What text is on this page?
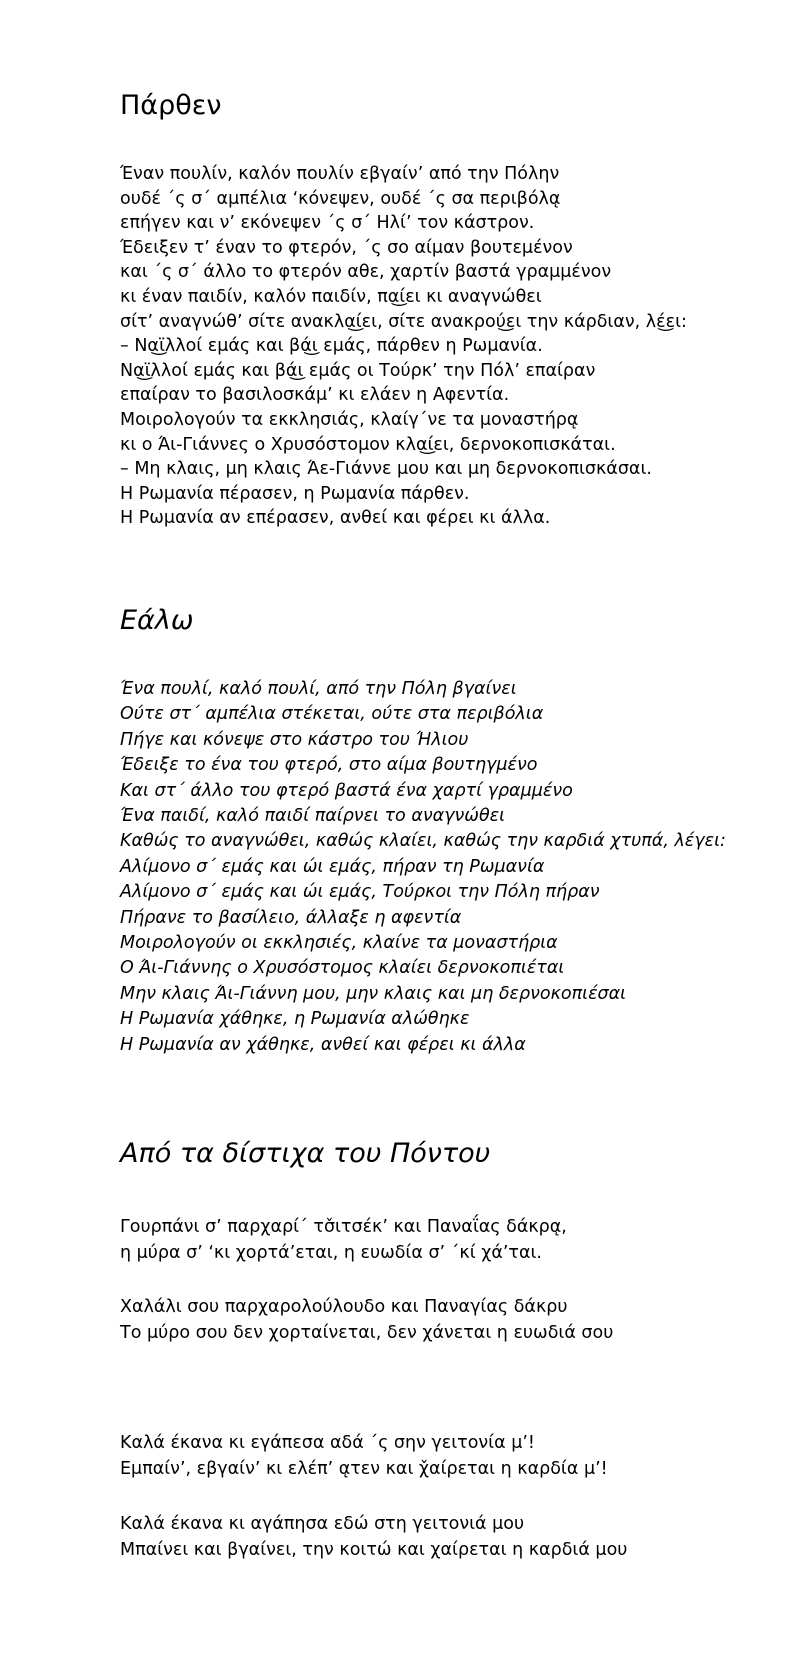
Πάρθεν
Έναν πουλίν, καλόν πουλίν εβγαίν’ από την Πόλην
ουδέ ΄ς σ΄ αμπέλια ‘κόνεψεν, ουδέ ΄ς σα περιβόλα̨
επήγεν και ν’ εκόνεψεν ΄ς σ΄ Ηλί’ τον κάστρον.
Έδειξεν τ’ έναν το φτερόν, ΄ς σο αίμαν βουτεμένον
και ΄ς σ΄ άλλο το φτερόν αθε, χαρτίν βαστά γραμμένον
κι έναν παιδίν, καλόν παιδίν, πα͜ίει κι αναγνώθει
σίτ’ αναγνώθ’ σίτε ανακλα͜ίει, σίτε ανακρού͜ει την κάρδιαν, λέ͜ει:
– Να͜ϊλλοί εμάς και βά͜ι εμάς, πάρθεν η Ρωμανία.
Να͜ϊλλοί εμάς και βά͜ι εμάς οι Τούρκ’ την Πόλ’ επαίραν
επαίραν το βασιλοσκάμ’ κι ελάεν η Αφεντία.
Μοιρολογούν τα εκκλησιάς, κλαίγ΄νε τα μοναστήρα̨
κι ο Άι-Γιάννες ο Χρυσόστομον κλα͜ίει, δερνοκοπισκάται.
– Μη κλαις, μη κλαις Άε-Γιάννε μου και μη δερνοκοπισκάσαι.
Η Ρωμανία πέρασεν, η Ρωμανία πάρθεν.
Η Ρωμανία αν επέρασεν, ανθεί και φέρει κι άλλα.
Εάλω
Ένα πουλί, καλό πουλί, από την Πόλη βγαίνει
Ούτε στ΄ αμπέλια στέκεται, ούτε στα περιβόλια
Πήγε και κόνεψε στο κάστρο του Ήλιου
Έδειξε το ένα του φτερό, στο αίμα βουτηγμένο
Και στ΄ άλλο του φτερό βαστά ένα χαρτί γραμμένο
Ένα παιδί, καλό παιδί παίρνει το αναγνώθει
Καθώς το αναγνώθει, καθώς κλαίει, καθώς την καρδιά χτυπά, λέγει:
Αλίμονο σ΄ εμάς και ώι εμάς, πήραν τη Ρωμανία
Αλίμονο σ΄ εμάς και ώι εμάς, Τούρκοι την Πόλη πήραν
Πήρανε το βασίλειο, άλλαξε η αφεντία
Μοιρολογούν οι εκκλησιές, κλαίνε τα μοναστήρια
Ο Άι-Γιάννης ο Χρυσόστομος κλαίει δερνοκοπιέται
Μην κλαις Άι-Γιάννη μου, μην κλαις και μη δερνοκοπιέσαι
Η Ρωμανία χάθηκε, η Ρωμανία αλώθηκε
Η Ρωμανία αν χάθηκε, ανθεί και φέρει κι άλλα
Από τα δίστιχα του Πόντου
Γουρπάνι σ’ παρχαρί΄ τσ̌ιτσέκ’ και Παναΐας δάκρα̨,
η μύρα σ’ ‘κι χορτά’εται, η ευωδία σ’ ΄κί χά’ται.
Χαλάλι σου παρχαρολούλουδο και Παναγίας δάκρυ
Το μύρο σου δεν χορταίνεται, δεν χάνεται η ευωδιά σου
Καλά έκανα κι εγάπεσα αδά ΄ς σην γειτονία μ’!
Εμπαίν’, εβγαίν’ κι ελέπ’ α̨τεν και χ̌αίρεται η καρδία μ’!
Καλά έκανα κι αγάπησα εδώ στη γειτονιά μου
Μπαίνει και βγαίνει, την κοιτώ και χαίρεται η καρδιά μου
